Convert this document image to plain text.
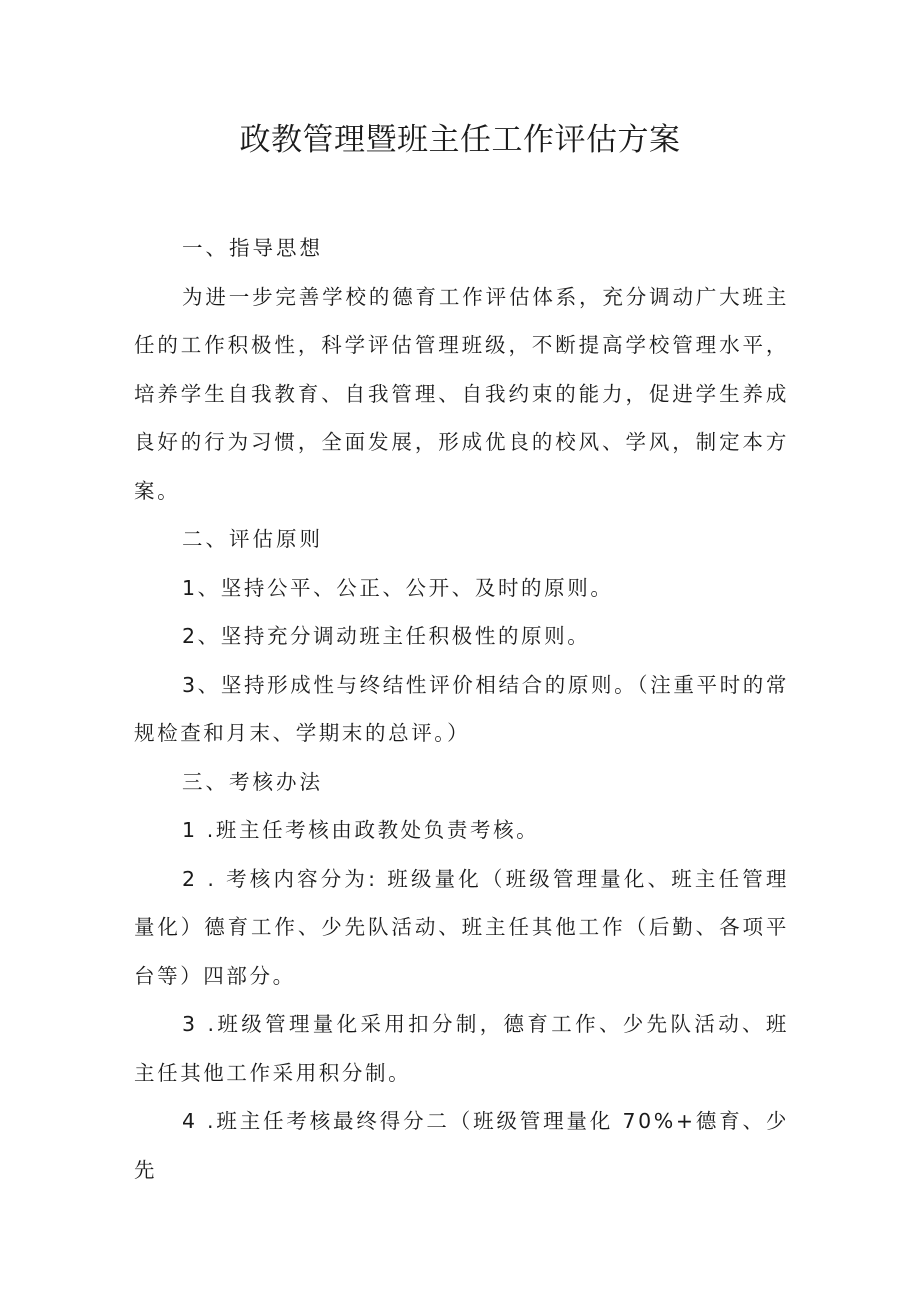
政教管理暨班主任工作评估方案

一、指导思想

为进一步完善学校的德育工作评估体系，充分调动广大班主任的工作积极性，科学评估管理班级，不断提高学校管理水平，培养学生自我教育、自我管理、自我约束的能力，促进学生养成良好的行为习惯，全面发展，形成优良的校风、学风，制定本方案。

二、评估原则

1、坚持公平、公正、公开、及时的原则。

2、坚持充分调动班主任积极性的原则。

3、坚持形成性与终结性评价相结合的原则。（注重平时的常规检查和月末、学期末的总评。）

三、考核办法

1 .班主任考核由政教处负责考核。

2 . 考核内容分为: 班级量化（班级管理量化、班主任管理量化）德育工作、少先队活动、班主任其他工作（后勤、各项平台等）四部分。

3 .班级管理量化采用扣分制，德育工作、少先队活动、班主任其他工作采用积分制。

4 .班主任考核最终得分二（班级管理量化 70%+德育、少先
